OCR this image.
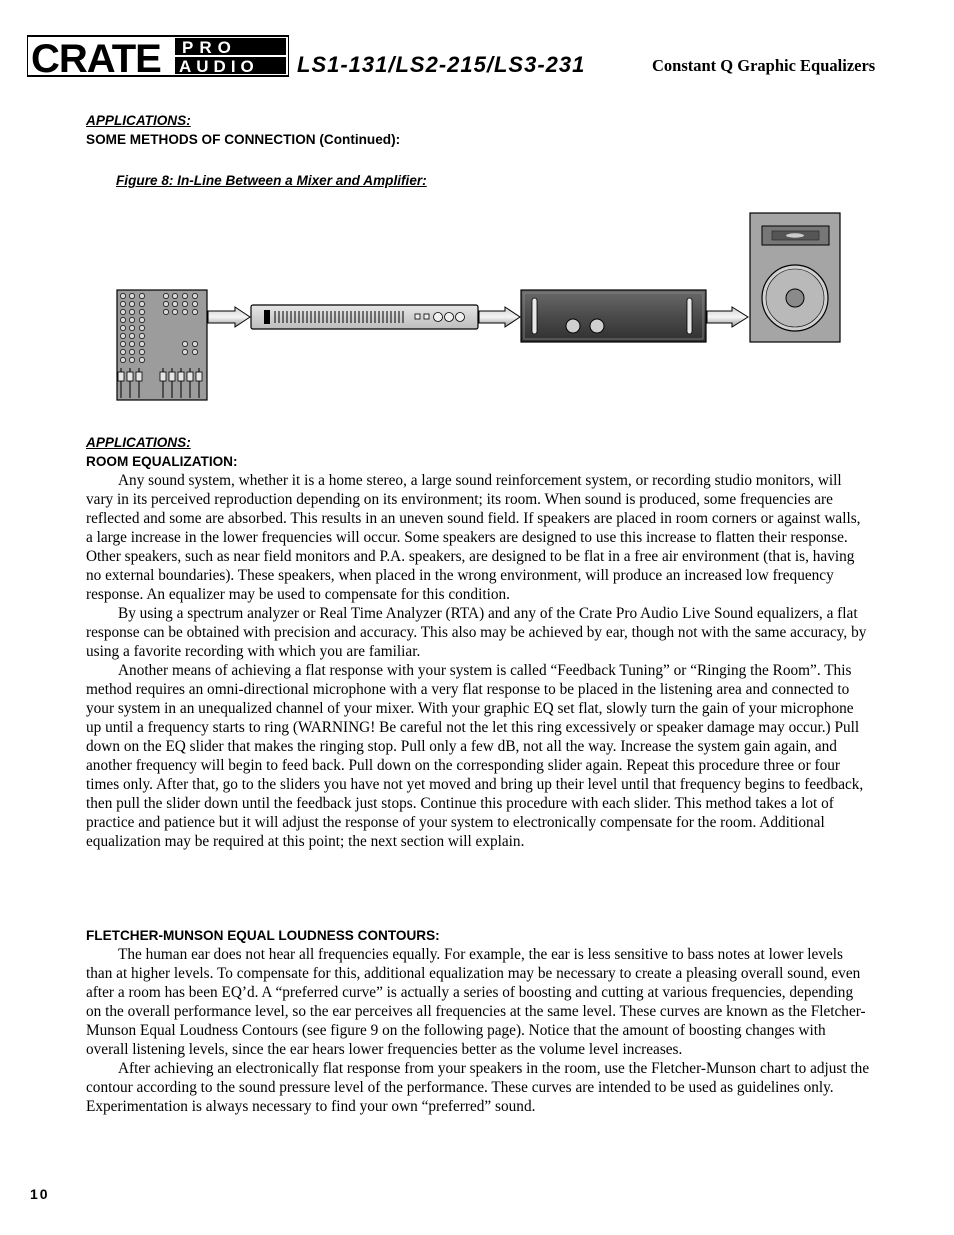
CRATE PRO
AUDIO LS1-131/LS2-215/LS3-231	Constant Q Graphic Equalizers
APPLICATIONS:
SOME METHODS OF CONNECTION (Continued):
Figure 8: In-Line Between a Mixer and Amplifier:
APPLICATIONS:
ROOM EQUALIZATION:

Any sound system, whether it is a home stereo, a large sound reinforcement system, or recording studio monitors, will vary in its perceived reproduction depending on its environment; its room. When sound is produced, some frequencies are reflected and some are absorbed. This results in an uneven sound field. If speakers are placed in room corners or against walls, a large increase in the lower frequencies will occur. Some speakers are designed to use this increase to flatten their response. Other speakers, such as near field monitors and P.A. speakers, are designed to be flat in a free air environment (that is, having no external boundaries). These speakers, when placed in the wrong environment, will produce an increased low frequency response. An equalizer may be used to compensate for this condition.

By using a spectrum analyzer or Real Time Analyzer (RTA) and any of the Crate Pro Audio Live Sound equalizers, a flat response can be obtained with precision and accuracy. This also may be achieved by ear, though not with the same accuracy, by using a favorite recording with which you are familiar.

Another means of achieving a flat response with your system is called “Feedback Tuning” or “Ringing the Room”. This method requires an omni-directional microphone with a very flat response to be placed in the listening area and connected to your system in an unequalized channel of your mixer. With your graphic EQ set flat, slowly turn the gain of your microphone up until a frequency starts to ring (WARNING! Be careful not the let this ring excessively or speaker damage may occur.) Pull down on the EQ slider that makes the ringing stop. Pull only a few dB, not all the way. Increase the system gain again, and another frequency will begin to feed back. Pull down on the corresponding slider again. Repeat this procedure three or four times only. After that, go to the sliders you have not yet moved and bring up their level until that frequency begins to feedback, then pull the slider down until the feedback just stops. Continue this procedure with each slider. This method takes a lot of practice and patience but it will adjust the response of your system to electronically compensate for the room. Additional equalization may be required at this point; the next section will explain.

FLETCHER-MUNSON EQUAL LOUDNESS CONTOURS:

The human ear does not hear all frequencies equally. For example, the ear is less sensitive to bass notes at lower levels than at higher levels. To compensate for this, additional equalization may be necessary to create a pleasing overall sound, even after a room has been EQ’d. A “preferred curve” is actually a series of boosting and cutting at various frequencies, depending on the overall performance level, so the ear perceives all frequencies at the same level. These curves are known as the Fletcher-Munson Equal Loudness Contours (see figure 9 on the following page). Notice that the amount of boosting changes with overall listening levels, since the ear hears lower frequencies better as the volume level increases.

After achieving an electronically flat response from your speakers in the room, use the Fletcher-Munson chart to adjust the contour according to the sound pressure level of the performance. These curves are intended to be used as guidelines only. Experimentation is always necessary to find your own “preferred” sound.

10
